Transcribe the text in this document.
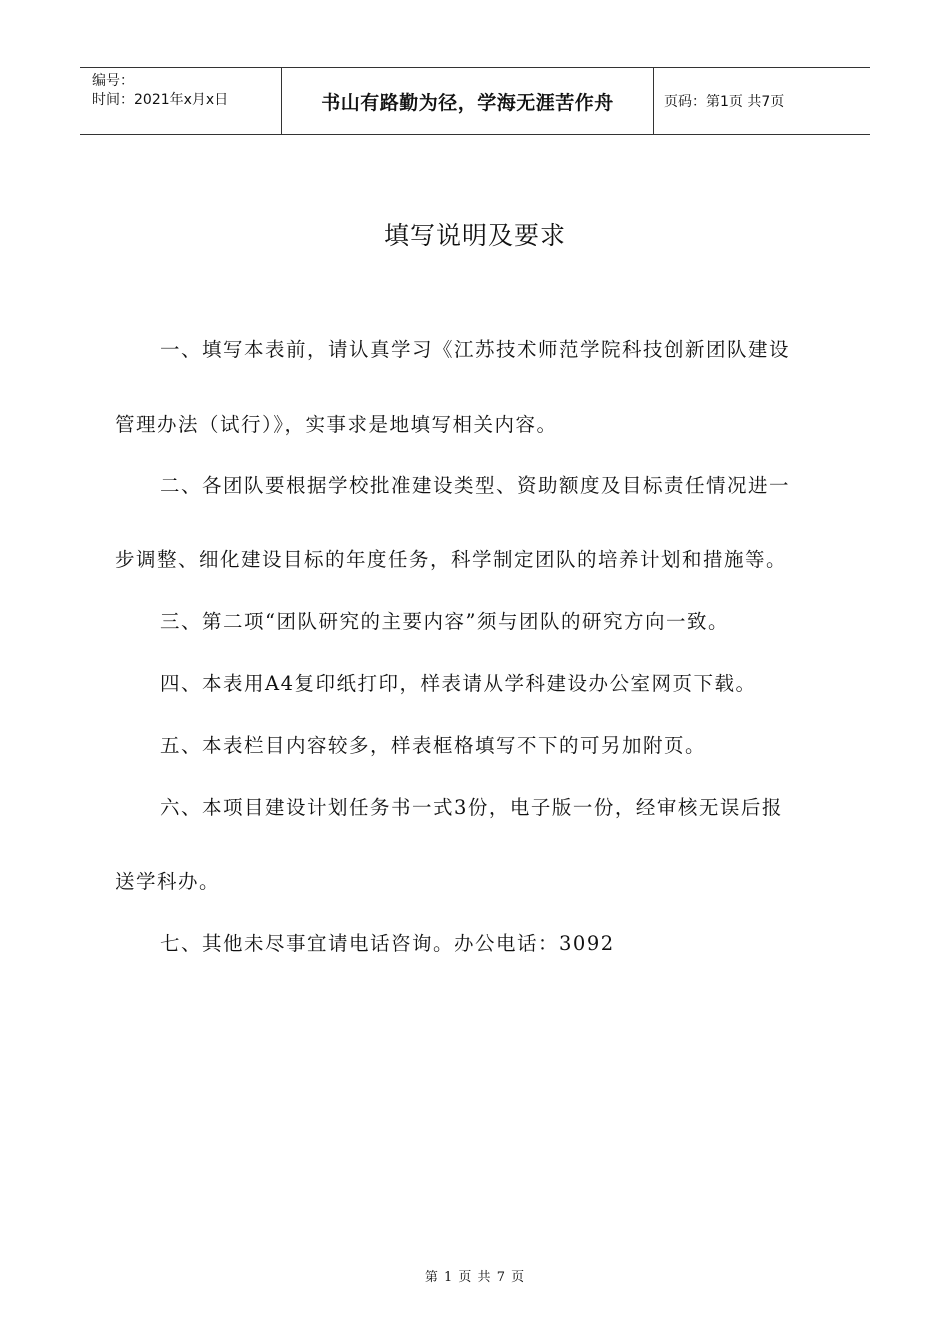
编号：
时间：2021年x月x日	书山有路勤为径，学海无涯苦作舟	页码：第1页 共7页
填写说明及要求
一、填写本表前，请认真学习《江苏技术师范学院科技创新团队建设
管理办法（试行）》，实事求是地填写相关内容。
二、各团队要根据学校批准建设类型、资助额度及目标责任情况进一
步调整、细化建设目标的年度任务，科学制定团队的培养计划和措施等。
三、第二项“团队研究的主要内容”须与团队的研究方向一致。
四、本表用A4复印纸打印，样表请从学科建设办公室网页下载。
五、本表栏目内容较多，样表框格填写不下的可另加附页。
六、本项目建设计划任务书一式3份，电子版一份，经审核无误后报
送学科办。
七、其他未尽事宜请电话咨询。办公电话：3092
第 1 页 共 7 页
